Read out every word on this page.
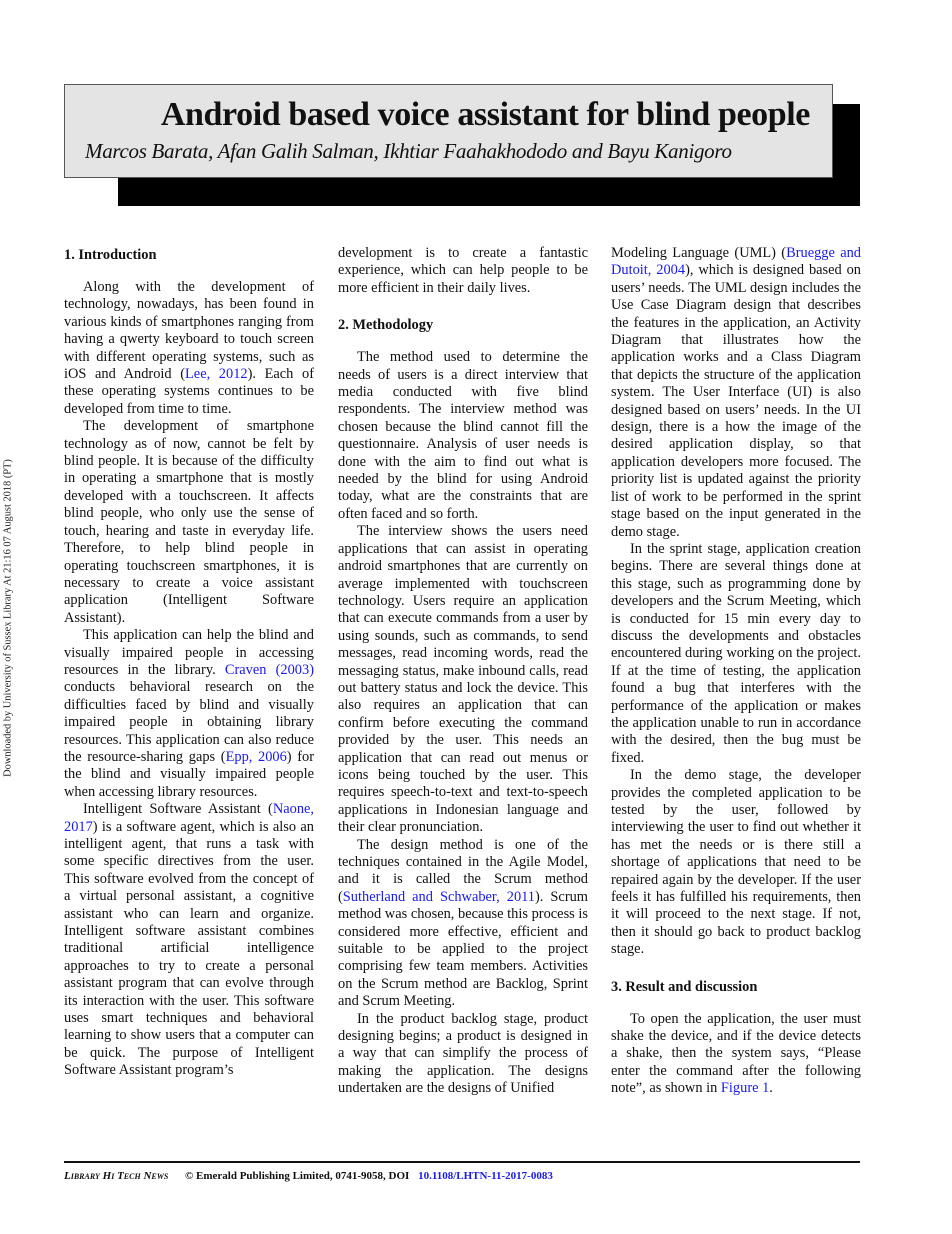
Downloaded by University of Sussex Library At 21:16 07 August 2018 (PT)
Android based voice assistant for blind people
Marcos Barata, Afan Galih Salman, Ikhtiar Faahakhododo and Bayu Kanigoro
1. Introduction

Along with the development of technology, nowadays, has been found in various kinds of smartphones ranging from having a qwerty keyboard to touch screen with different operating systems, such as iOS and Android (Lee, 2012). Each of these operating systems continues to be developed from time to time.

The development of smartphone technology as of now, cannot be felt by blind people. It is because of the difficulty in operating a smartphone that is mostly developed with a touchscreen. It affects blind people, who only use the sense of touch, hearing and taste in everyday life. Therefore, to help blind people in operating touchscreen smartphones, it is necessary to create a voice assistant application (Intelligent Software Assistant).

This application can help the blind and visually impaired people in accessing resources in the library. Craven (2003) conducts behavioral research on the difficulties faced by blind and visually impaired people in obtaining library resources. This application can also reduce the resource-sharing gaps (Epp, 2006) for the blind and visually impaired people when accessing library resources.

Intelligent Software Assistant (Naone, 2017) is a software agent, which is also an intelligent agent, that runs a task with some specific directives from the user. This software evolved from the concept of a virtual personal assistant, a cognitive assistant who can learn and organize. Intelligent software assistant combines traditional artificial intelligence approaches to try to create a personal assistant program that can evolve through its interaction with the user. This software uses smart techniques and behavioral learning to show users that a computer can be quick. The purpose of Intelligent Software Assistant program’s

development is to create a fantastic experience, which can help people to be more efficient in their daily lives.

2. Methodology

The method used to determine the needs of users is a direct interview that media conducted with five blind respondents. The interview method was chosen because the blind cannot fill the questionnaire. Analysis of user needs is done with the aim to find out what is needed by the blind for using Android today, what are the constraints that are often faced and so forth.

The interview shows the users need applications that can assist in operating android smartphones that are currently on average implemented with touchscreen technology. Users require an application that can execute commands from a user by using sounds, such as commands, to send messages, read incoming words, read the messaging status, make inbound calls, read out battery status and lock the device. This also requires an application that can confirm before executing the command provided by the user. This needs an application that can read out menus or icons being touched by the user. This requires speech-to-text and text-to-speech applications in Indonesian language and their clear pronunciation.

The design method is one of the techniques contained in the Agile Model, and it is called the Scrum method (Sutherland and Schwaber, 2011). Scrum method was chosen, because this process is considered more effective, efficient and suitable to be applied to the project comprising few team members. Activities on the Scrum method are Backlog, Sprint and Scrum Meeting.

In the product backlog stage, product designing begins; a product is designed in a way that can simplify the process of making the application. The designs undertaken are the designs of Unified

Modeling Language (UML) (Bruegge and Dutoit, 2004), which is designed based on users’ needs. The UML design includes the Use Case Diagram design that describes the features in the application, an Activity Diagram that illustrates how the application works and a Class Diagram that depicts the structure of the application system. The User Interface (UI) is also designed based on users’ needs. In the UI design, there is a how the image of the desired application display, so that application developers more focused. The priority list is updated against the priority list of work to be performed in the sprint stage based on the input generated in the demo stage.

In the sprint stage, application creation begins. There are several things done at this stage, such as programming done by developers and the Scrum Meeting, which is conducted for 15 min every day to discuss the developments and obstacles encountered during working on the project. If at the time of testing, the application found a bug that interferes with the performance of the application or makes the application unable to run in accordance with the desired, then the bug must be fixed.

In the demo stage, the developer provides the completed application to be tested by the user, followed by interviewing the user to find out whether it has met the needs or is there still a shortage of applications that need to be repaired again by the developer. If the user feels it has fulfilled his requirements, then it will proceed to the next stage. If not, then it should go back to product backlog stage.

3. Result and discussion

To open the application, the user must shake the device, and if the device detects a shake, then the system says, “Please enter the command after the following note”, as shown in Figure 1.

Library Hi Tech News © Emerald Publishing Limited, 0741-9058, DOI 10.1108/LHTN-11-2017-0083
